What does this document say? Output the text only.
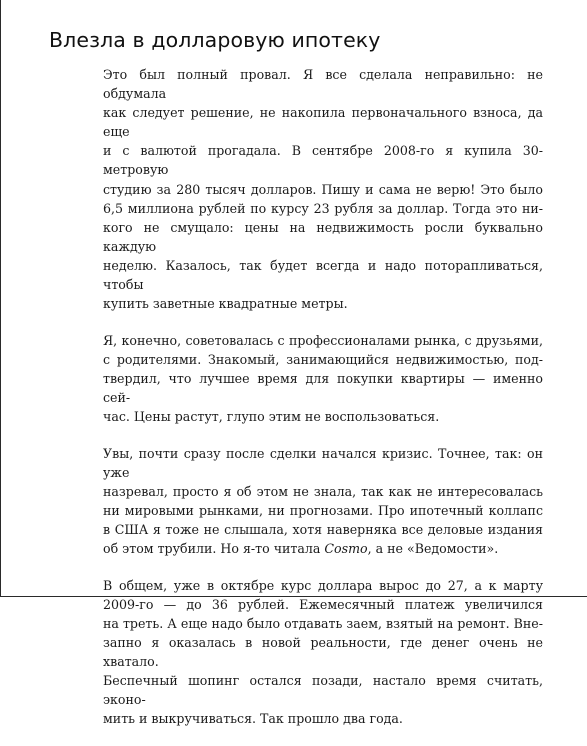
Влезла в долларовую ипотеку

Это был полный провал. Я все сделала неправильно: не обдумала
как следует решение, не накопила первоначального взноса, да еще
и с валютой прогадала. В сентябре 2008-го я купила 30-метровую
студию за 280 тысяч долларов. Пишу и сама не верю! Это было
6,5 миллиона рублей по курсу 23 рубля за доллар. Тогда это ни-
кого не смущало: цены на недвижимость росли буквально каждую
неделю. Казалось, так будет всегда и надо поторапливаться, чтобы
купить заветные квадратные метры.

Я, конечно, советовалась с профессионалами рынка, с друзьями,
с родителями. Знакомый, занимающийся недвижимостью, под-
твердил, что лучшее время для покупки квартиры — именно сей-
час. Цены растут, глупо этим не воспользоваться.

Увы, почти сразу после сделки начался кризис. Точнее, так: он уже
назревал, просто я об этом не знала, так как не интересовалась
ни мировыми рынками, ни прогнозами. Про ипотечный коллапс
в США я тоже не слышала, хотя наверняка все деловые издания
об этом трубили. Но я-то читала Cosmo, а не «Ведомости».

В общем, уже в октябре курс доллара вырос до 27, а к марту
2009-го — до 36 рублей. Ежемесячный платеж увеличился
на треть. А еще надо было отдавать заем, взятый на ремонт. Вне-
запно я оказалась в новой реальности, где денег очень не хватало.
Беспечный шопинг остался позади, настало время считать, эконо-
мить и выкручиваться. Так прошло два года.
